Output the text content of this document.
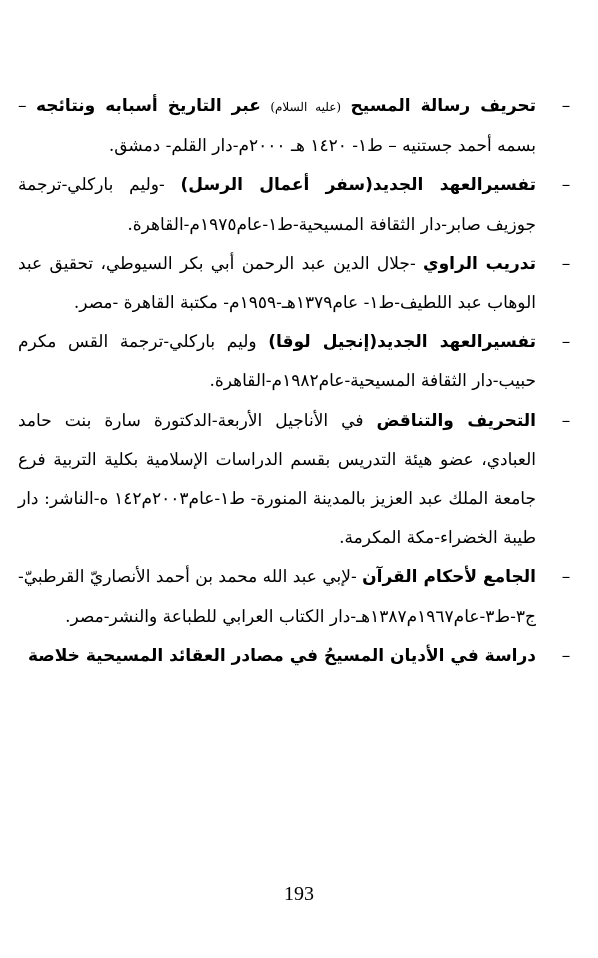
–
تحريف رسالة المسيح (عليه السلام) عبر التاريخ أسبابه ونتائجه – بسمه أحمد جستنيه – ط١- ١٤٢٠ هـ ٢٠٠٠م-دار القلم- دمشق.

–
تفسيرالعهد الجديد(سفر أعمال الرسل) -وليم باركلي-ترجمة جوزيف صابر-دار الثقافة المسيحية-ط١-عام١٩٧٥م-القاهرة.

–
تدريب الراوي -جلال الدين عبد الرحمن أبي بكر السيوطي، تحقيق عبد الوهاب عبد اللطيف-ط١- عام١٣٧٩هـ-١٩٥٩م- مكتبة القاهرة -مصر.

–
تفسيرالعهد الجديد(إنجيل لوقا) وليم باركلي-ترجمة القس مكرم حبيب-دار الثقافة المسيحية-عام١٩٨٢م-القاهرة.

–
التحريف والتناقض في الأناجيل الأربعة-الدكتورة سارة بنت حامد العبادي، عضو هيئة التدريس بقسم الدراسات الإسلامية بكلية التربية فرع جامعة الملك عبد العزيز بالمدينة المنورة- ط١-عام٢٠٠٣م١٤٢ ه-الناشر: دار طيبة الخضراء-مكة المكرمة.

–
الجامع لأحكام القرآن -لإبي عبد الله محمد بن أحمد الأنصاريّ القرطبيّ-ج٣-ط٣-عام١٩٦٧م١٣٨٧هـ-دار الكتاب العرابي للطباعة والنشر-مصر.

–
دراسة في الأديان المسيحُ في مصادر العقائد المسيحية خلاصة

193
